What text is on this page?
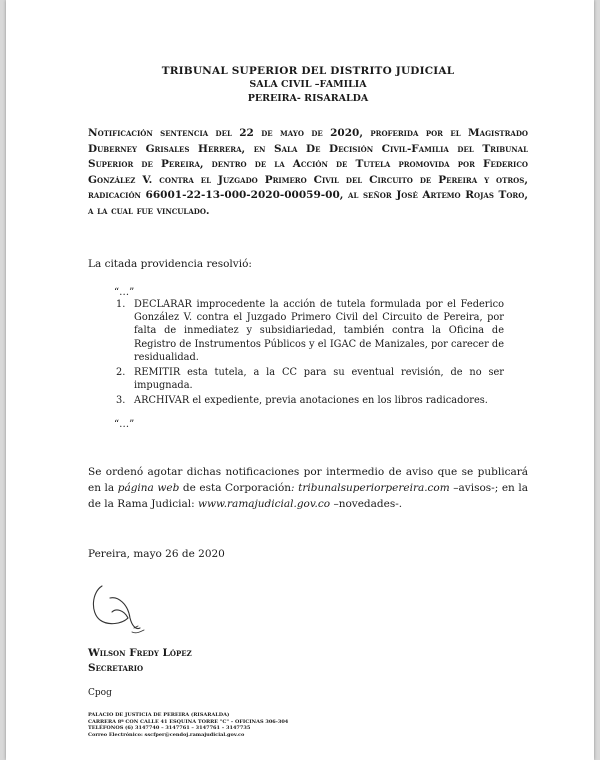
TRIBUNAL SUPERIOR DEL DISTRITO JUDICIAL
SALA CIVIL –FAMILIA
PEREIRA- RISARALDA
Notificación sentencia del 22 de mayo de 2020, proferida por el Magistrado Duberney Grisales Herrera, en Sala De Decisión Civil-Familia del Tribunal Superior de Pereira, dentro de la Acción de Tutela promovida por Federico González V. contra el Juzgado Primero Civil del Circuito de Pereira y otros, radicación 66001-22-13-000-2020-00059-00, al señor José Artemo Rojas Toro, a la cual fue vinculado.
La citada providencia resolvió:
“…”
1. DECLARAR improcedente la acción de tutela formulada por el Federico González V. contra el Juzgado Primero Civil del Circuito de Pereira, por falta de inmediatez y subsidiariedad, también contra la Oficina de Registro de Instrumentos Públicos y el IGAC de Manizales, por carecer de residualidad.
2. REMITIR esta tutela, a la CC para su eventual revisión, de no ser impugnada.
3. ARCHIVAR el expediente, previa anotaciones en los libros radicadores.
“…”
Se ordenó agotar dichas notificaciones por intermedio de aviso que se publicará en la página web de esta Corporación: tribunalsuperiorpereira.com –avisos-; en la de la Rama Judicial: www.ramajudicial.gov.co –novedades-.
Pereira, mayo 26 de 2020
Wilson Fredy López
Secretario
Cpog
PALACIO DE JUSTICIA DE PEREIRA (RISARALDA)
CARRERA 8ª CON CALLE 41 ESQUINA TORRE "C" – OFICINAS 306-304
TELÉFONOS (6) 3147740 – 3147761 – 3147761 – 3147735
Correo Electrónico: sscfper@cendoj.ramajudicial.gov.co
